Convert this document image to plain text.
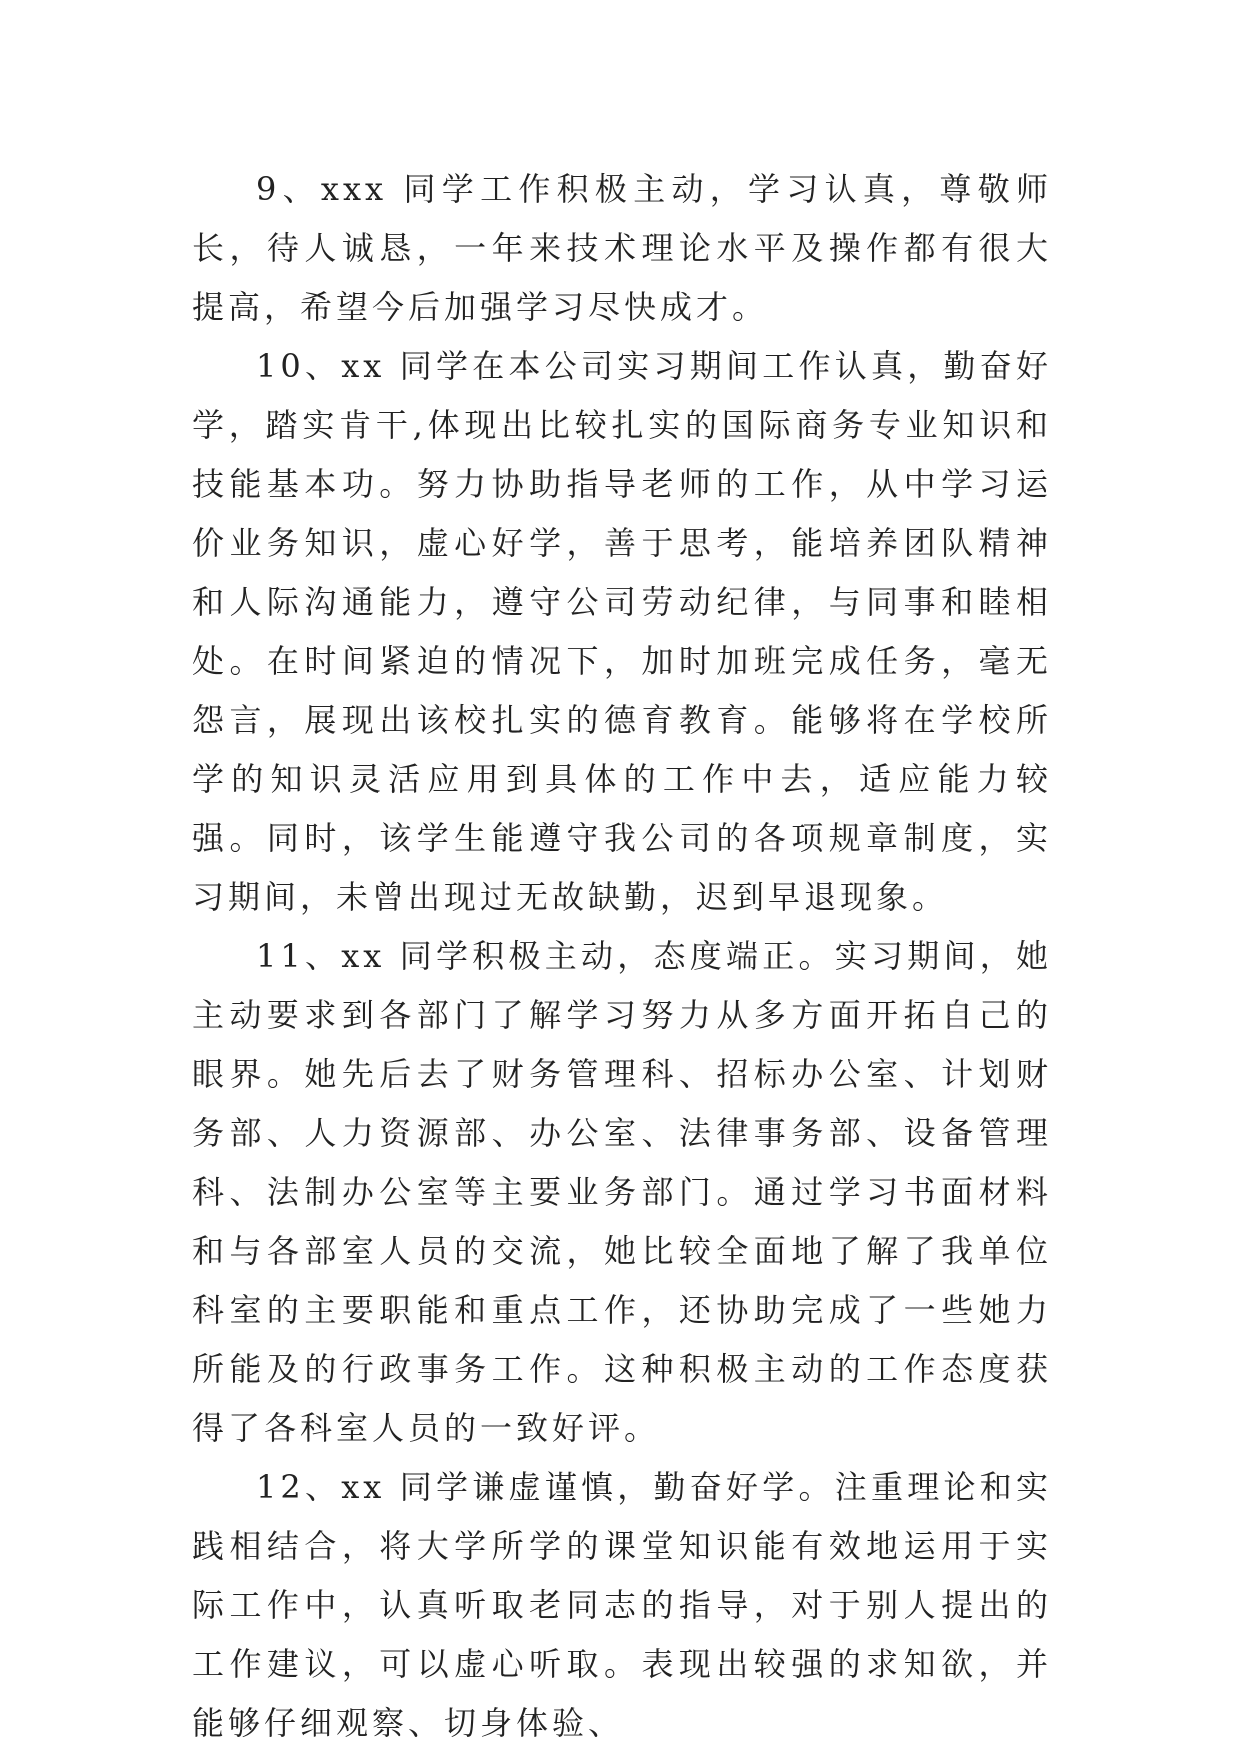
9、xxx 同学工作积极主动，学习认真，尊敬师长，待人诚恳，一年来技术理论水平及操作都有很大提高，希望今后加强学习尽快成才。

10、xx 同学在本公司实习期间工作认真，勤奋好学，踏实肯干,体现出比较扎实的国际商务专业知识和技能基本功。努力协助指导老师的工作，从中学习运价业务知识，虚心好学，善于思考，能培养团队精神和人际沟通能力，遵守公司劳动纪律，与同事和睦相处。在时间紧迫的情况下，加时加班完成任务，毫无怨言，展现出该校扎实的德育教育。能够将在学校所学的知识灵活应用到具体的工作中去，适应能力较强。同时，该学生能遵守我公司的各项规章制度，实习期间，未曾出现过无故缺勤，迟到早退现象。

11、xx 同学积极主动，态度端正。实习期间，她主动要求到各部门了解学习努力从多方面开拓自己的眼界。她先后去了财务管理科、招标办公室、计划财务部、人力资源部、办公室、法律事务部、设备管理科、法制办公室等主要业务部门。通过学习书面材料和与各部室人员的交流，她比较全面地了解了我单位科室的主要职能和重点工作，还协助完成了一些她力所能及的行政事务工作。这种积极主动的工作态度获得了各科室人员的一致好评。

12、xx 同学谦虚谨慎，勤奋好学。注重理论和实践相结合，将大学所学的课堂知识能有效地运用于实际工作中，认真听取老同志的指导，对于别人提出的工作建议，可以虚心听取。表现出较强的求知欲，并能够仔细观察、切身体验、
